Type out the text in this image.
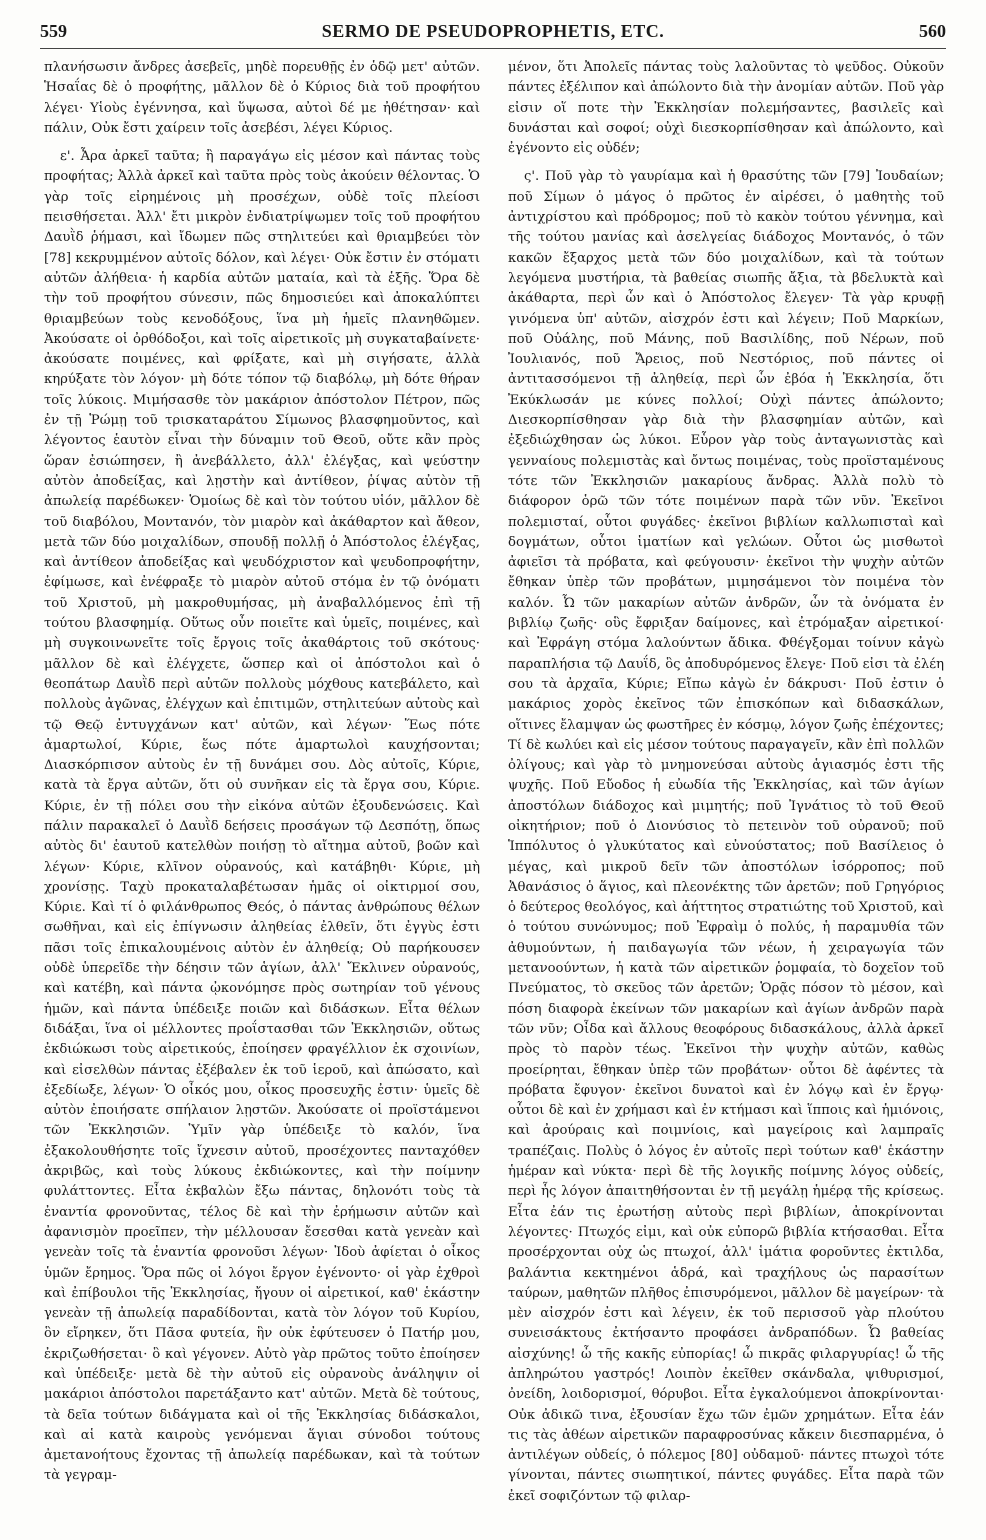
559	SERMO DE PSEUDOPROPHETIS, ETC.	560

πλανήσωσιν ἄνδρες ἀσεβεῖς, μηδὲ πορευθῇς ἐν ὁδῷ μετ' αὐτῶν. Ἡσαΐας δὲ ὁ προφήτης, μᾶλλον δὲ ὁ Κύριος διὰ τοῦ προφήτου λέγει· Υἱοὺς ἐγέννησα, καὶ ὕψωσα, αὐτοὶ δέ με ἠθέτησαν· καὶ πάλιν, Οὐκ ἔστι χαίρειν τοῖς ἀσεβέσι, λέγει Κύριος.

ε'. Ἆρα ἀρκεῖ ταῦτα; ἢ παραγάγω εἰς μέσον καὶ πάντας τοὺς προφήτας; Ἀλλὰ ἀρκεῖ καὶ ταῦτα πρὸς τοὺς ἀκούειν θέλοντας. Ὁ γὰρ τοῖς εἰρημένοις μὴ προσέχων, οὐδὲ τοῖς πλείοσι πεισθήσεται. Ἀλλ' ἔτι μικρὸν ἐνδιατρίψωμεν τοῖς τοῦ προφήτου Δαυῒδ ῥήμασι, καὶ ἴδωμεν πῶς στηλιτεύει καὶ θριαμβεύει τὸν [78] κεκρυμμένον αὐτοῖς δόλον, καὶ λέγει· Οὐκ ἔστιν ἐν στόματι αὐτῶν ἀλήθεια· ἡ καρδία αὐτῶν ματαία, καὶ τὰ ἑξῆς. Ὅρα δὲ τὴν τοῦ προφήτου σύνεσιν, πῶς δημοσιεύει καὶ ἀποκαλύπτει θριαμβεύων τοὺς κενοδόξους, ἵνα μὴ ἡμεῖς πλανηθῶμεν. Ἀκούσατε οἱ ὀρθόδοξοι, καὶ τοῖς αἱρετικοῖς μὴ συγκαταβαίνετε· ἀκούσατε ποιμένες, καὶ φρίξατε, καὶ μὴ σιγήσατε, ἀλλὰ κηρύξατε τὸν λόγον· μὴ δότε τόπον τῷ διαβόλῳ, μὴ δότε θήραν τοῖς λύκοις. Μιμήσασθε τὸν μακάριον ἀπόστολον Πέτρον, πῶς ἐν τῇ Ῥώμῃ τοῦ τρισκαταράτου Σίμωνος βλασφημοῦντος, καὶ λέγοντος ἑαυτὸν εἶναι τὴν δύναμιν τοῦ Θεοῦ, οὔτε κἂν πρὸς ὥραν ἐσιώπησεν, ἢ ἀνεβάλλετο, ἀλλ' ἐλέγξας, καὶ ψεύστην αὐτὸν ἀποδείξας, καὶ λῃστὴν καὶ ἀντίθεον, ῥίψας αὐτὸν τῇ ἀπωλείᾳ παρέδωκεν· Ὁμοίως δὲ καὶ τὸν τούτου υἱόν, μᾶλλον δὲ τοῦ διαβόλου, Μοντανόν, τὸν μιαρὸν καὶ ἀκάθαρτον καὶ ἄθεον, μετὰ τῶν δύο μοιχαλίδων, σπουδῇ πολλῇ ὁ Ἀπόστολος ἐλέγξας, καὶ ἀντίθεον ἀποδείξας καὶ ψευδόχριστον καὶ ψευδοπροφήτην, ἐφίμωσε, καὶ ἐνέφραξε τὸ μιαρὸν αὐτοῦ στόμα ἐν τῷ ὀνόματι τοῦ Χριστοῦ, μὴ μακροθυμήσας, μὴ ἀναβαλλόμενος ἐπὶ τῇ τούτου βλασφημίᾳ. Οὕτως οὖν ποιεῖτε καὶ ὑμεῖς, ποιμένες, καὶ μὴ συγκοινωνεῖτε τοῖς ἔργοις τοῖς ἀκαθάρτοις τοῦ σκότους· μᾶλλον δὲ καὶ ἐλέγχετε, ὥσπερ καὶ οἱ ἀπόστολοι καὶ ὁ θεοπάτωρ Δαυῒδ περὶ αὐτῶν πολλοὺς μόχθους κατεβάλετο, καὶ πολλοὺς ἀγῶνας, ἐλέγχων καὶ ἐπιτιμῶν, στηλιτεύων αὐτοὺς καὶ τῷ Θεῷ ἐντυγχάνων κατ' αὐτῶν, καὶ λέγων· Ἕως πότε ἁμαρτωλοί, Κύριε, ἕως πότε ἁμαρτωλοὶ καυχήσονται; Διασκόρπισον αὐτοὺς ἐν τῇ δυνάμει σου. Δὸς αὐτοῖς, Κύριε, κατὰ τὰ ἔργα αὐτῶν, ὅτι οὐ συνῆκαν εἰς τὰ ἔργα σου, Κύριε. Κύριε, ἐν τῇ πόλει σου τὴν εἰκόνα αὐτῶν ἐξουδενώσεις. Καὶ πάλιν παρακαλεῖ ὁ Δαυῒδ δεήσεις προσάγων τῷ Δεσπότῃ, ὅπως αὐτὸς δι' ἑαυτοῦ κατελθὼν ποιήσῃ τὸ αἴτημα αὐτοῦ, βοῶν καὶ λέγων· Κύριε, κλῖνον οὐρανούς, καὶ κατάβηθι· Κύριε, μὴ χρονίσῃς. Ταχὺ προκαταλαβέτωσαν ἡμᾶς οἱ οἰκτιρμοί σου, Κύριε. Καὶ τί ὁ φιλάνθρωπος Θεός, ὁ πάντας ἀνθρώπους θέλων σωθῆναι, καὶ εἰς ἐπίγνωσιν ἀληθείας ἐλθεῖν, ὅτι ἐγγὺς ἐστι πᾶσι τοῖς ἐπικαλουμένοις αὐτὸν ἐν ἀληθείᾳ; Οὐ παρήκουσεν οὐδὲ ὑπερεῖδε τὴν δέησιν τῶν ἁγίων, ἀλλ' Ἔκλινεν οὐρανούς, καὶ κατέβη, καὶ πάντα ᾠκονόμησε πρὸς σωτηρίαν τοῦ γένους ἡμῶν, καὶ πάντα ὑπέδειξε ποιῶν καὶ διδάσκων. Εἶτα θέλων διδάξαι, ἵνα οἱ μέλλοντες προΐστασθαι τῶν Ἐκκλησιῶν, οὕτως ἐκδιώκωσι τοὺς αἱρετικούς, ἐποίησεν φραγέλλιον ἐκ σχοινίων, καὶ εἰσελθὼν πάντας ἐξέβαλεν ἐκ τοῦ ἱεροῦ, καὶ ἀπώσατο, καὶ ἐξεδίωξε, λέγων· Ὁ οἶκός μου, οἶκος προσευχῆς ἐστιν· ὑμεῖς δὲ αὐτὸν ἐποιήσατε σπήλαιον λῃστῶν. Ἀκούσατε οἱ προϊστάμενοι τῶν Ἐκκλησιῶν. Ὑμῖν γὰρ ὑπέδειξε τὸ καλόν, ἵνα ἐξακολουθήσητε τοῖς ἴχνεσιν αὐτοῦ, προσέχοντες πανταχόθεν ἀκριβῶς, καὶ τοὺς λύκους ἐκδιώκοντες, καὶ τὴν ποίμνην φυλάττοντες. Εἶτα ἐκβαλὼν ἔξω πάντας, δηλονότι τοὺς τὰ ἐναντία φρονοῦντας, τέλος δὲ καὶ τὴν ἐρήμωσιν αὐτῶν καὶ ἀφανισμὸν προεῖπεν, τὴν μέλλουσαν ἔσεσθαι κατὰ γενεὰν καὶ γενεὰν τοῖς τὰ ἐναντία φρονοῦσι λέγων· Ἰδοὺ ἀφίεται ὁ οἶκος ὑμῶν ἔρημος. Ὅρα πῶς οἱ λόγοι ἔργον ἐγένοντο· οἱ γὰρ ἐχθροὶ καὶ ἐπίβουλοι τῆς Ἐκκλησίας, ἤγουν οἱ αἱρετικοί, καθ' ἑκάστην γενεὰν τῇ ἀπωλείᾳ παραδίδονται, κατὰ τὸν λόγον τοῦ Κυρίου, ὃν εἴρηκεν, ὅτι Πᾶσα φυτεία, ἣν οὐκ ἐφύτευσεν ὁ Πατήρ μου, ἐκριζωθήσεται· ὃ καὶ γέγονεν. Αὐτὸ γὰρ πρῶτος τοῦτο ἐποίησεν καὶ ὑπέδειξε· μετὰ δὲ τὴν αὐτοῦ εἰς οὐρανοὺς ἀνάληψιν οἱ μακάριοι ἀπόστολοι παρετάξαντο κατ' αὐτῶν. Μετὰ δὲ τούτους, τὰ δεῖα τούτων διδάγματα καὶ οἱ τῆς Ἐκκλησίας διδάσκαλοι, καὶ αἱ κατὰ καιροὺς γενόμεναι ἅγιαι σύνοδοι τούτους ἀμετανοήτους ἔχοντας τῇ ἀπωλείᾳ παρέδωκαν, καὶ τὰ τούτων τὰ γεγραμ-

μένον, ὅτι Ἀπολεῖς πάντας τοὺς λαλοῦντας τὸ ψεῦδος. Οὐκοῦν πάντες ἐξέλιπον καὶ ἀπώλοντο διὰ τὴν ἀνομίαν αὐτῶν. Ποῦ γὰρ εἰσιν οἵ ποτε τὴν Ἐκκλησίαν πολεμήσαντες, βασιλεῖς καὶ δυνάσται καὶ σοφοί; οὐχὶ διεσκορπίσθησαν καὶ ἀπώλοντο, καὶ ἐγένοντο εἰς οὐδέν;

ς'. Ποῦ γὰρ τὸ γαυρίαμα καὶ ἡ θρασύτης τῶν [79] Ἰουδαίων; ποῦ Σίμων ὁ μάγος ὁ πρῶτος ἐν αἱρέσει, ὁ μαθητὴς τοῦ ἀντιχρίστου καὶ πρόδρομος; ποῦ τὸ κακὸν τούτου γέννημα, καὶ τῆς τούτου μανίας καὶ ἀσελγείας διάδοχος Μοντανός, ὁ τῶν κακῶν ἔξαρχος μετὰ τῶν δύο μοιχαλίδων, καὶ τὰ τούτων λεγόμενα μυστήρια, τὰ βαθείας σιωπῆς ἄξια, τὰ βδελυκτὰ καὶ ἀκάθαρτα, περὶ ὧν καὶ ὁ Ἀπόστολος ἔλεγεν· Τὰ γὰρ κρυφῇ γινόμενα ὑπ' αὐτῶν, αἰσχρόν ἐστι καὶ λέγειν; Ποῦ Μαρκίων, ποῦ Οὐάλης, ποῦ Μάνης, ποῦ Βασιλίδης, ποῦ Νέρων, ποῦ Ἰουλιανός, ποῦ Ἄρειος, ποῦ Νεστόριος, ποῦ πάντες οἱ ἀντιτασσόμενοι τῇ ἀληθείᾳ, περὶ ὧν ἐβόα ἡ Ἐκκλησία, ὅτι Ἐκύκλωσάν με κύνες πολλοί; Οὐχὶ πάντες ἀπώλοντο; Διεσκορπίσθησαν γὰρ διὰ τὴν βλασφημίαν αὐτῶν, καὶ ἐξεδιώχθησαν ὡς λύκοι. Εὗρον γὰρ τοὺς ἀνταγωνιστὰς καὶ γενναίους πολεμιστὰς καὶ ὄντως ποιμένας, τοὺς προϊσταμένους τότε τῶν Ἐκκλησιῶν μακαρίους ἄνδρας. Ἀλλὰ πολὺ τὸ διάφορον ὁρῶ τῶν τότε ποιμένων παρὰ τῶν νῦν. Ἐκεῖνοι πολεμισταί, οὗτοι φυγάδες· ἐκεῖνοι βιβλίων καλλωπισταὶ καὶ δογμάτων, οὗτοι ἱματίων καὶ γελώων. Οὗτοι ὡς μισθωτοὶ ἀφιεῖσι τὰ πρόβατα, καὶ φεύγουσιν· ἐκεῖνοι τὴν ψυχὴν αὐτῶν ἔθηκαν ὑπὲρ τῶν προβάτων, μιμησάμενοι τὸν ποιμένα τὸν καλόν. Ὦ τῶν μακαρίων αὐτῶν ἀνδρῶν, ὧν τὰ ὀνόματα ἐν βιβλίῳ ζωῆς· οὓς ἔφριξαν δαίμονες, καὶ ἐτρόμαξαν αἱρετικοί· καὶ Ἐφράγη στόμα λαλούντων ἄδικα. Φθέγξομαι τοίνυν κἀγὼ παραπλήσια τῷ Δαυΐδ, ὃς ἀποδυρόμενος ἔλεγε· Ποῦ εἰσι τὰ ἐλέη σου τὰ ἀρχαῖα, Κύριε; Εἴπω κἀγὼ ἐν δάκρυσι· Ποῦ ἐστιν ὁ μακάριος χορὸς ἐκεῖνος τῶν ἐπισκόπων καὶ διδασκάλων, οἵτινες ἔλαμψαν ὡς φωστῆρες ἐν κόσμῳ, λόγον ζωῆς ἐπέχοντες; Τί δὲ κωλύει καὶ εἰς μέσον τούτους παραγαγεῖν, κἂν ἐπὶ πολλῶν ὀλίγους; καὶ γὰρ τὸ μνημονεύσαι αὐτοὺς ἁγιασμός ἐστι τῆς ψυχῆς. Ποῦ Εὔοδος ἡ εὐωδία τῆς Ἐκκλησίας, καὶ τῶν ἁγίων ἀποστόλων διάδοχος καὶ μιμητής; ποῦ Ἰγνάτιος τὸ τοῦ Θεοῦ οἰκητήριον; ποῦ ὁ Διονύσιος τὸ πετεινὸν τοῦ οὐρανοῦ; ποῦ Ἱππόλυτος ὁ γλυκύτατος καὶ εὐνούστατος; ποῦ Βασίλειος ὁ μέγας, καὶ μικροῦ δεῖν τῶν ἀποστόλων ἰσόρροπος; ποῦ Ἀθανάσιος ὁ ἅγιος, καὶ πλεονέκτης τῶν ἀρετῶν; ποῦ Γρηγόριος ὁ δεύτερος θεολόγος, καὶ ἀήττητος στρατιώτης τοῦ Χριστοῦ, καὶ ὁ τούτου συνώνυμος; ποῦ Ἐφραὶμ ὁ πολύς, ἡ παραμυθία τῶν ἀθυμούντων, ἡ παιδαγωγία τῶν νέων, ἡ χειραγωγία τῶν μετανοούντων, ἡ κατὰ τῶν αἱρετικῶν ῥομφαία, τὸ δοχεῖον τοῦ Πνεύματος, τὸ σκεῦος τῶν ἀρετῶν; Ὁρᾷς πόσον τὸ μέσον, καὶ πόση διαφορὰ ἐκείνων τῶν μακαρίων καὶ ἁγίων ἀνδρῶν παρὰ τῶν νῦν; Οἶδα καὶ ἄλλους θεοφόρους διδασκάλους, ἀλλὰ ἀρκεῖ πρὸς τὸ παρὸν τέως. Ἐκεῖνοι τὴν ψυχὴν αὐτῶν, καθὼς προείρηται, ἔθηκαν ὑπὲρ τῶν προβάτων· οὗτοι δὲ ἀφέντες τὰ πρόβατα ἔφυγον· ἐκεῖνοι δυνατοὶ καὶ ἐν λόγῳ καὶ ἐν ἔργῳ· οὗτοι δὲ καὶ ἐν χρήμασι καὶ ἐν κτήμασι καὶ ἵπποις καὶ ἡμιόνοις, καὶ ἀρούραις καὶ ποιμνίοις, καὶ μαγείροις καὶ λαμπραῖς τραπέζαις. Πολὺς ὁ λόγος ἐν αὐτοῖς περὶ τούτων καθ' ἑκάστην ἡμέραν καὶ νύκτα· περὶ δὲ τῆς λογικῆς ποίμνης λόγος οὐδείς, περὶ ἧς λόγον ἀπαιτηθήσονται ἐν τῇ μεγάλῃ ἡμέρᾳ τῆς κρίσεως. Εἶτα ἐάν τις ἐρωτήσῃ αὐτοὺς περὶ βιβλίων, ἀποκρίνονται λέγοντες· Πτωχός εἰμι, καὶ οὐκ εὐπορῶ βιβλία κτήσασθαι. Εἶτα προσέρχονται οὐχ ὡς πτωχοί, ἀλλ' ἱμάτια φοροῦντες ἐκτιλδα, βαλάντια κεκτημένοι ἁδρά, καὶ τραχήλους ὡς παρασίτων ταύρων, μαθητῶν πλῆθος ἐπισυρόμενοι, μᾶλλον δὲ μαγείρων· τὰ μὲν αἰσχρόν ἐστι καὶ λέγειν, ἐκ τοῦ περισσοῦ γὰρ πλούτου συνεισάκτους ἐκτήσαντο προφάσει ἀνδραπόδων. Ὦ βαθείας αἰσχύνης! ὦ τῆς κακῆς εὐπορίας! ὦ πικρᾶς φιλαργυρίας! ὦ τῆς ἀπληρώτου γαστρός! Λοιπὸν ἐκεῖθεν σκάνδαλα, ψιθυρισμοί, ὀνείδη, λοιδορισμοί, θόρυβοι. Εἶτα ἐγκαλούμενοι ἀποκρίνονται· Οὐκ ἀδικῶ τινα, ἐξουσίαν ἔχω τῶν ἐμῶν χρημάτων. Εἶτα ἐάν τις τὰς ἀθέων αἱρετικῶν παραφροσύνας κἄκειν διεσπαρμένα, ὁ ἀντιλέγων οὐδείς, ὁ πόλεμος [80] οὐδαμοῦ· πάντες πτωχοὶ τότε γίνονται, πάντες σιωπητικοί, πάντες φυγάδες. Εἶτα παρὰ τῶν ἐκεῖ σοφιζόντων τῷ φιλαρ-
